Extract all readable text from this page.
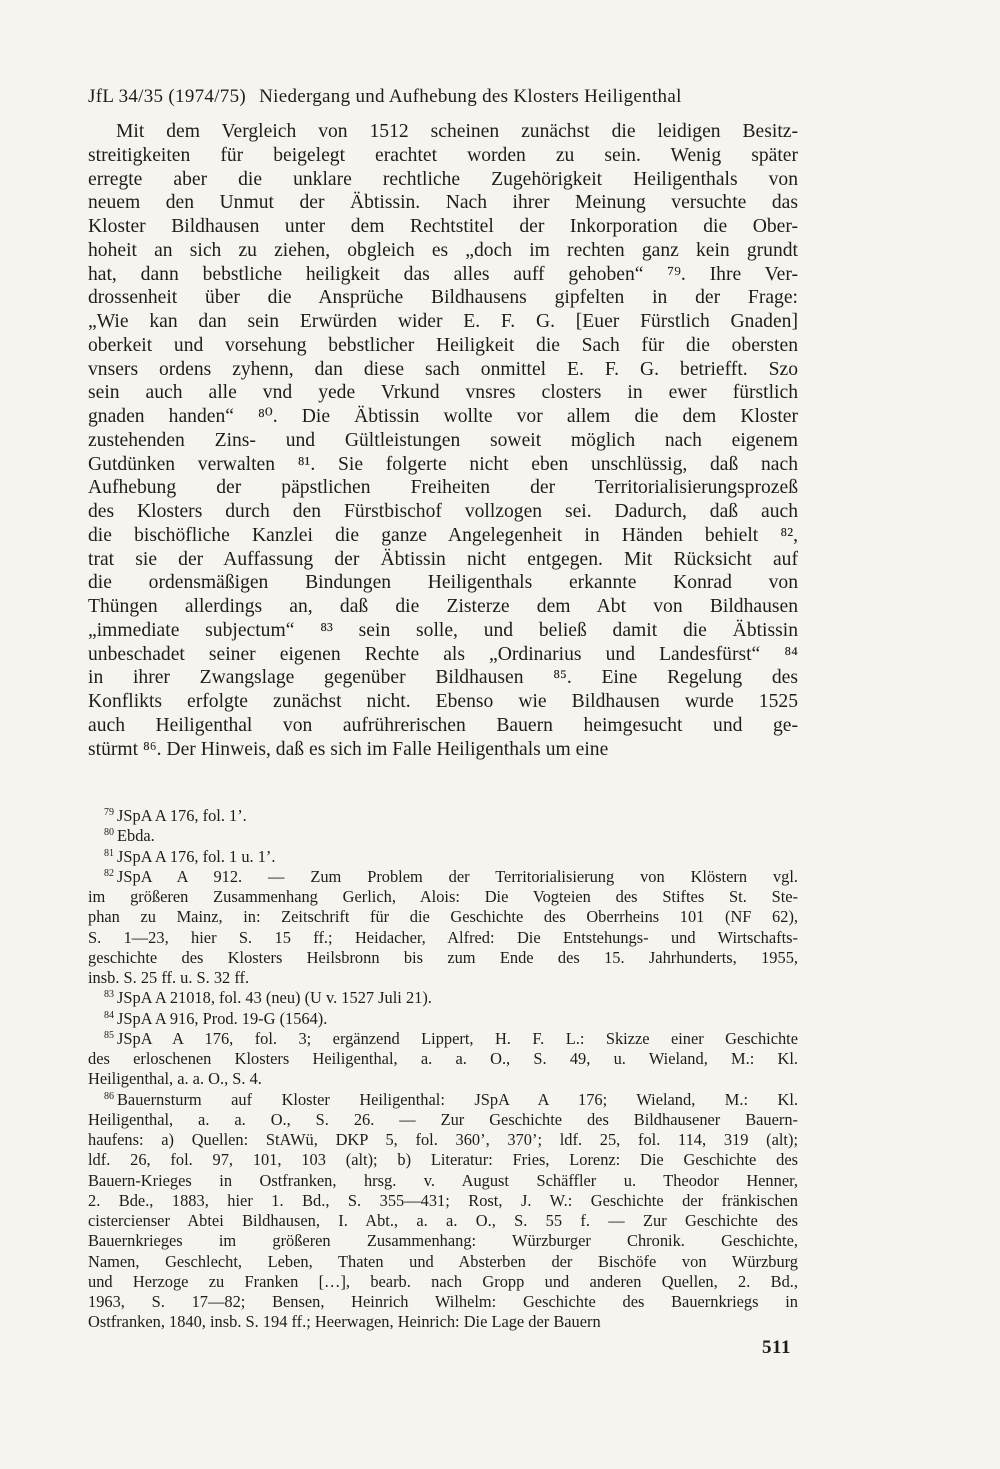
JfL 34/35 (1974/75) Niedergang und Aufhebung des Klosters Heiligenthal
Mit dem Vergleich von 1512 scheinen zunächst die leidigen Besitz-
streitigkeiten für beigelegt erachtet worden zu sein. Wenig später
erregte aber die unklare rechtliche Zugehörigkeit Heiligenthals von
neuem den Unmut der Äbtissin. Nach ihrer Meinung versuchte das
Kloster Bildhausen unter dem Rechtstitel der Inkorporation die Ober-
hoheit an sich zu ziehen, obgleich es „doch im rechten ganz kein grundt
hat, dann bebstliche heiligkeit das alles auff gehoben“ ⁷⁹. Ihre Ver-
drossenheit über die Ansprüche Bildhausens gipfelten in der Frage:
„Wie kan dan sein Erwürden wider E. F. G. [Euer Fürstlich Gnaden]
oberkeit und vorsehung bebstlicher Heiligkeit die Sach für die obersten
vnsers ordens zyhenn, dan diese sach onmittel E. F. G. betriefft. Szo
sein auch alle vnd yede Vrkund vnsres closters in ewer fürstlich
gnaden handen“ ⁸⁰. Die Äbtissin wollte vor allem die dem Kloster
zustehenden Zins- und Gültleistungen soweit möglich nach eigenem
Gutdünken verwalten ⁸¹. Sie folgerte nicht eben unschlüssig, daß nach
Aufhebung der päpstlichen Freiheiten der Territorialisierungsprozeß
des Klosters durch den Fürstbischof vollzogen sei. Dadurch, daß auch
die bischöfliche Kanzlei die ganze Angelegenheit in Händen behielt ⁸²,
trat sie der Auffassung der Äbtissin nicht entgegen. Mit Rücksicht auf
die ordensmäßigen Bindungen Heiligenthals erkannte Konrad von
Thüngen allerdings an, daß die Zisterze dem Abt von Bildhausen
„immediate subjectum“ ⁸³ sein solle, und beließ damit die Äbtissin
unbeschadet seiner eigenen Rechte als „Ordinarius und Landesfürst“ ⁸⁴
in ihrer Zwangslage gegenüber Bildhausen ⁸⁵. Eine Regelung des
Konflikts erfolgte zunächst nicht. Ebenso wie Bildhausen wurde 1525
auch Heiligenthal von aufrührerischen Bauern heimgesucht und ge-
stürmt ⁸⁶. Der Hinweis, daß es sich im Falle Heiligenthals um eine
$^{79}$ JSpA A 176, fol. 1’.
$^{80}$ Ebda.
$^{81}$ JSpA A 176, fol. 1 u. 1’.
$^{82}$ JSpA A 912. — Zum Problem der Territorialisierung von Klöstern vgl.
im größeren Zusammenhang Gerlich, Alois: Die Vogteien des Stiftes St. Ste-
phan zu Mainz, in: Zeitschrift für die Geschichte des Oberrheins 101 (NF 62),
S. 1—23, hier S. 15 ff.; Heidacher, Alfred: Die Entstehungs- und Wirtschafts-
geschichte des Klosters Heilsbronn bis zum Ende des 15. Jahrhunderts, 1955,
insb. S. 25 ff. u. S. 32 ff.
$^{83}$ JSpA A 21018, fol. 43 (neu) (U v. 1527 Juli 21).
$^{84}$ JSpA A 916, Prod. 19-G (1564).
$^{85}$ JSpA A 176, fol. 3; ergänzend Lippert, H. F. L.: Skizze einer Geschichte
des erloschenen Klosters Heiligenthal, a. a. O., S. 49, u. Wieland, M.: Kl.
Heiligenthal, a. a. O., S. 4.
$^{86}$ Bauernsturm auf Kloster Heiligenthal: JSpA A 176; Wieland, M.: Kl.
Heiligenthal, a. a. O., S. 26. — Zur Geschichte des Bildhausener Bauern-
haufens: a) Quellen: StAWü, DKP 5, fol. 360’, 370’; ldf. 25, fol. 114, 319 (alt);
ldf. 26, fol. 97, 101, 103 (alt); b) Literatur: Fries, Lorenz: Die Geschichte des
Bauern-Krieges in Ostfranken, hrsg. v. August Schäffler u. Theodor Henner,
2. Bde., 1883, hier 1. Bd., S. 355—431; Rost, J. W.: Geschichte der fränkischen
cistercienser Abtei Bildhausen, I. Abt., a. a. O., S. 55 f. — Zur Geschichte des
Bauernkrieges im größeren Zusammenhang: Würzburger Chronik. Geschichte,
Namen, Geschlecht, Leben, Thaten und Absterben der Bischöfe von Würzburg
und Herzoge zu Franken […], bearb. nach Gropp und anderen Quellen, 2. Bd.,
1963, S. 17—82; Bensen, Heinrich Wilhelm: Geschichte des Bauernkriegs in
Ostfranken, 1840, insb. S. 194 ff.; Heerwagen, Heinrich: Die Lage der Bauern
511
